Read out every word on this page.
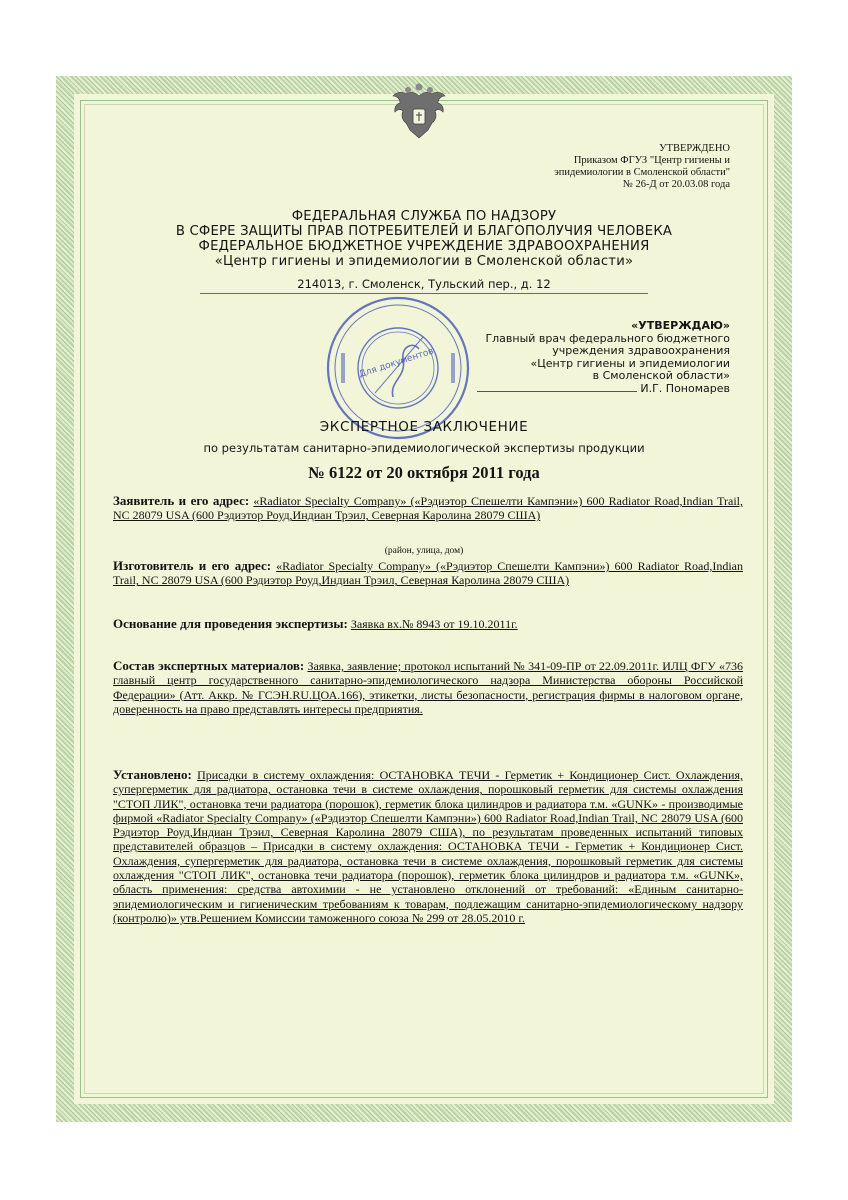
УТВЕРЖДЕНО
Приказом ФГУЗ "Центр гигиены и
эпидемиологии в Смоленской области"
№ 26-Д от 20.03.08 года
ФЕДЕРАЛЬНАЯ СЛУЖБА ПО НАДЗОРУ
В СФЕРЕ ЗАЩИТЫ ПРАВ ПОТРЕБИТЕЛЕЙ И БЛАГОПОЛУЧИЯ ЧЕЛОВЕКА
ФЕДЕРАЛЬНОЕ БЮДЖЕТНОЕ УЧРЕЖДЕНИЕ ЗДРАВООХРАНЕНИЯ
«Центр гигиены и эпидемиологии в Смоленской области»
214013, г. Смоленск, Тульский пер., д. 12
Для документов
«УТВЕРЖДАЮ»
Главный врач федерального бюджетного
учреждения здравоохранения
«Центр гигиены и эпидемиологии
в Смоленской области»
И.Г. Пономарев
ЭКСПЕРТНОЕ ЗАКЛЮЧЕНИЕ
по результатам санитарно-эпидемиологической экспертизы продукции
№ 6122 от 20 октября 2011 года
Заявитель и его адрес: «Radiator Specialty Company» («Рэдиэтор Спешелти Кампэни») 600 Radiator Road,Indian Trail, NC 28079 USA (600 Рэдиэтор Роуд,Индиан Трэил, Северная Каролина 28079 США)
(район, улица, дом)
Изготовитель и его адрес: «Radiator Specialty Company» («Рэдиэтор Спешелти Кампэни») 600 Radiator Road,Indian Trail, NC 28079 USA (600 Рэдиэтор Роуд,Индиан Трэил, Северная Каролина 28079 США)
Основание для проведения экспертизы: Заявка вх.№ 8943 от 19.10.2011г.
Состав экспертных материалов: Заявка, заявление; протокол испытаний № 341-09-ПР от 22.09.2011г. ИЛЦ ФГУ «736 главный центр государственного санитарно-эпидемиологического надзора Министерства обороны Российской Федерации» (Атт. Аккр. № ГСЭН.RU.ЦОА.166), этикетки, листы безопасности, регистрация фирмы в налоговом органе, доверенность на право представлять интересы предприятия.
Установлено: Присадки в систему охлаждения: ОСТАНОВКА ТЕЧИ - Герметик + Кондиционер Сист. Охлаждения, супергерметик для радиатора, остановка течи в системе охлаждения, порошковый герметик для системы охлаждения "СТОП ЛИК", остановка течи радиатора (порошок), герметик блока цилиндров и радиатора т.м. «GUNK» - производимые фирмой «Radiator Specialty Company» («Рэдиэтор Спешелти Кампэни») 600 Radiator Road,Indian Trail, NC 28079 USA (600 Рэдиэтор Роуд,Индиан Трэил, Северная Каролина 28079 США), по результатам проведенных испытаний типовых представителей образцов – Присадки в систему охлаждения: ОСТАНОВКА ТЕЧИ - Герметик + Кондиционер Сист. Охлаждения, супергерметик для радиатора, остановка течи в системе охлаждения, порошковый герметик для системы охлаждения "СТОП ЛИК", остановка течи радиатора (порошок), герметик блока цилиндров и радиатора т.м. «GUNK», область применения: средства автохимии - не установлено отклонений от требований: «Единым санитарно-эпидемиологическим и гигиеническим требованиям к товарам, подлежащим санитарно-эпидемиологическому надзору (контролю)» утв.Решением Комиссии таможенного союза № 299 от 28.05.2010 г.
